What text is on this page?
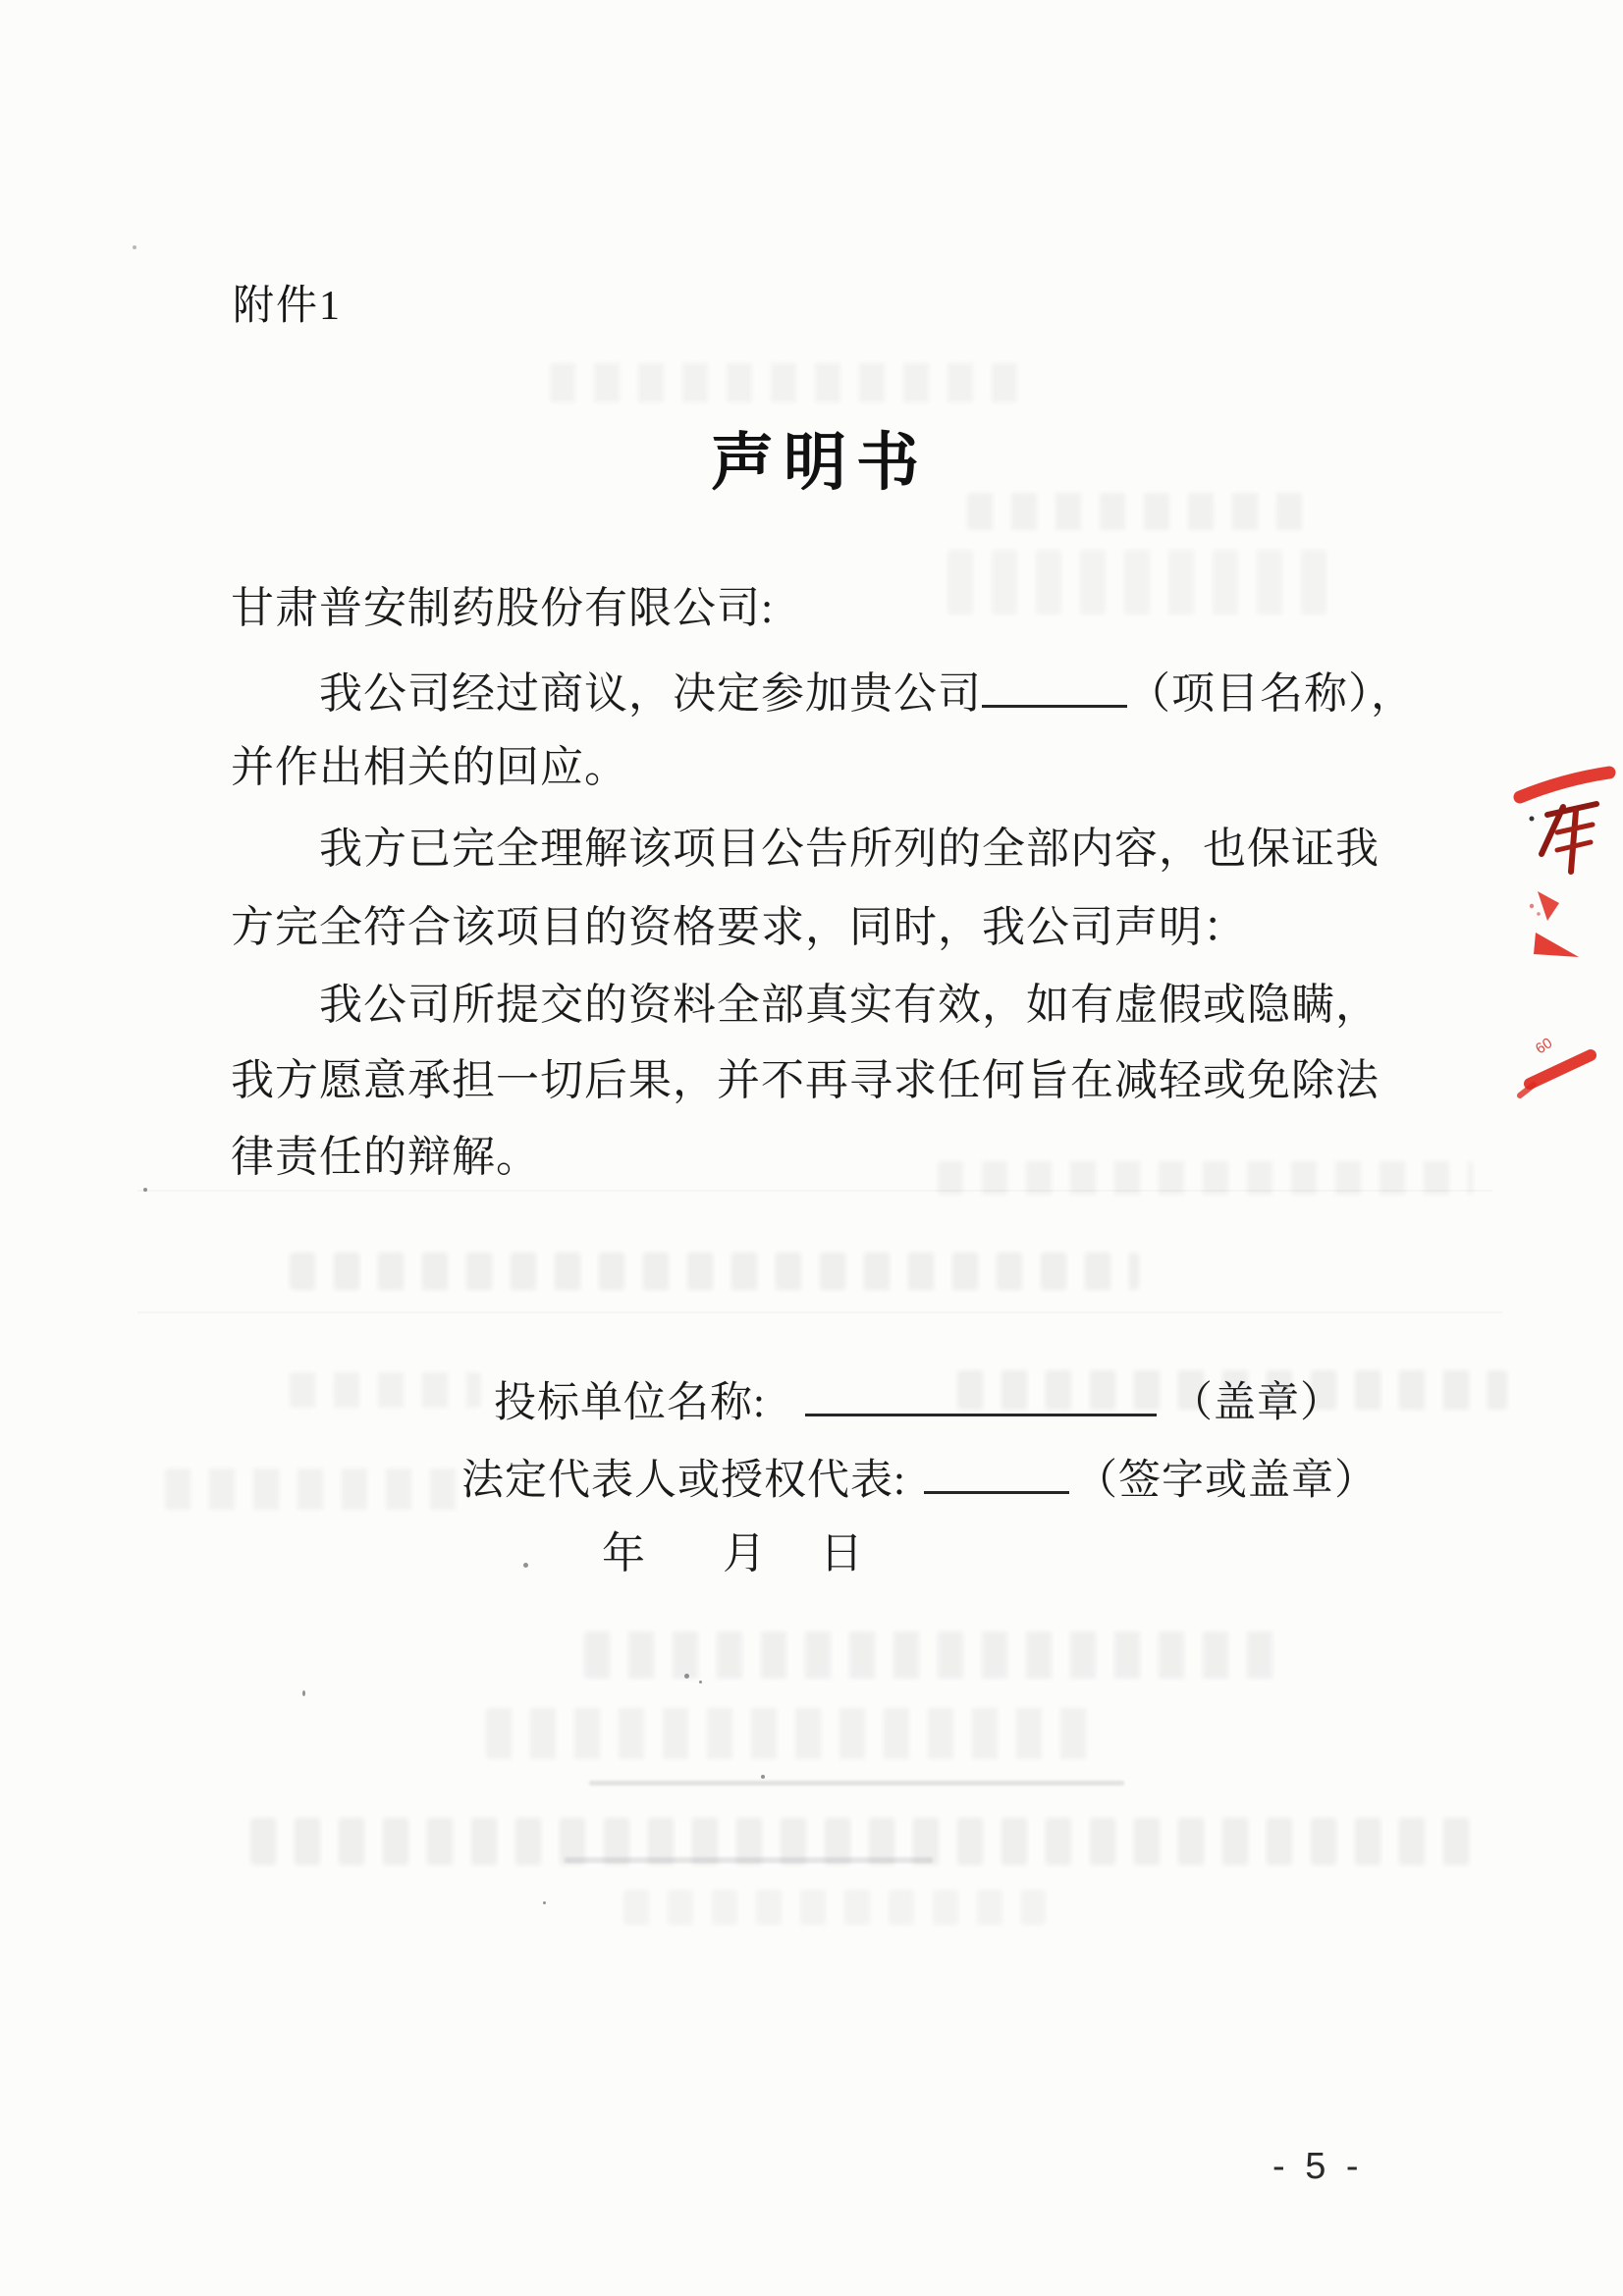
附件1
声明书
甘肃普安制药股份有限公司:
我公司经过商议，决定参加贵公司	（项目名称），
并作出相关的回应。
我方已完全理解该项目公告所列的全部内容，也保证我
方完全符合该项目的资格要求，同时，我公司声明：
我公司所提交的资料全部真实有效，如有虚假或隐瞒，
我方愿意承担一切后果，并不再寻求任何旨在减轻或免除法
律责任的辩解。
投标单位名称:	（盖章）
法定代表人或授权代表:	（签字或盖章）
年 月 日
- 5 -
60
